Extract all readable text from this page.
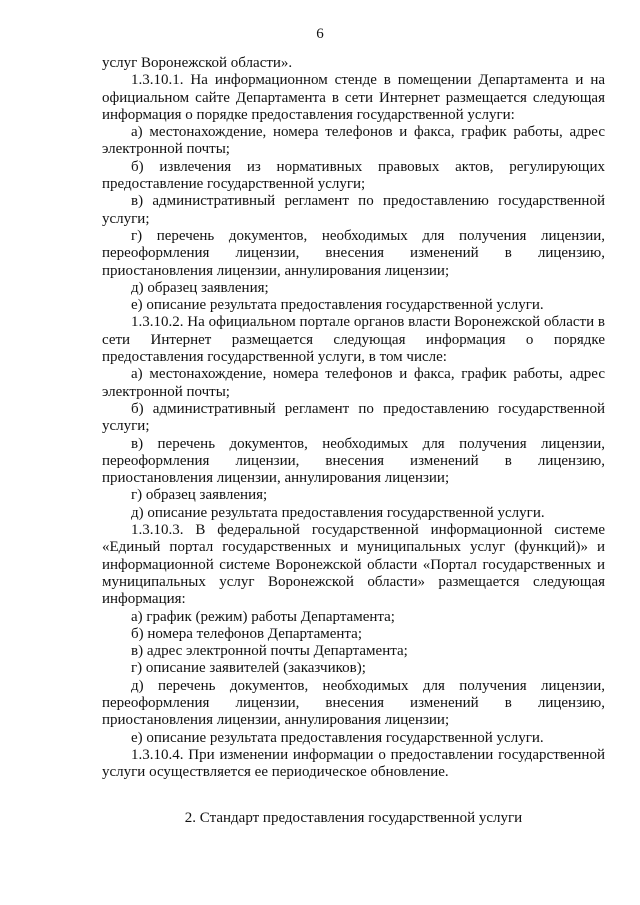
6

услуг Воронежской области».

1.3.10.1. На информационном стенде в помещении Департамента и на официальном сайте Департамента в сети Интернет размещается следующая информация о порядке предоставления государственной услуги:

а) местонахождение, номера телефонов и факса, график работы, адрес электронной почты;

б) извлечения из нормативных правовых актов, регулирующих предоставление государственной услуги;

в) административный регламент по предоставлению государственной услуги;

г) перечень документов, необходимых для получения лицензии, переоформления лицензии, внесения изменений в лицензию, приостановления лицензии, аннулирования лицензии;

д) образец заявления;

е) описание результата предоставления государственной услуги.

1.3.10.2. На официальном портале органов власти Воронежской области в сети Интернет размещается следующая информация о порядке предоставления государственной услуги, в том числе:

а) местонахождение, номера телефонов и факса, график работы, адрес электронной почты;

б) административный регламент по предоставлению государственной услуги;

в) перечень документов, необходимых для получения лицензии, переоформления лицензии, внесения изменений в лицензию, приостановления лицензии, аннулирования лицензии;

г) образец заявления;

д) описание результата предоставления государственной услуги.

1.3.10.3. В федеральной государственной информационной системе «Единый портал государственных и муниципальных услуг (функций)» и информационной системе Воронежской области «Портал государственных и муниципальных услуг Воронежской области» размещается следующая информация:

а) график (режим) работы Департамента;

б) номера телефонов Департамента;

в) адрес электронной почты Департамента;

г) описание заявителей (заказчиков);

д) перечень документов, необходимых для получения лицензии, переоформления лицензии, внесения изменений в лицензию, приостановления лицензии, аннулирования лицензии;

е) описание результата предоставления государственной услуги.

1.3.10.4. При изменении информации о предоставлении государственной услуги осуществляется ее периодическое обновление.

2. Стандарт предоставления государственной услуги
